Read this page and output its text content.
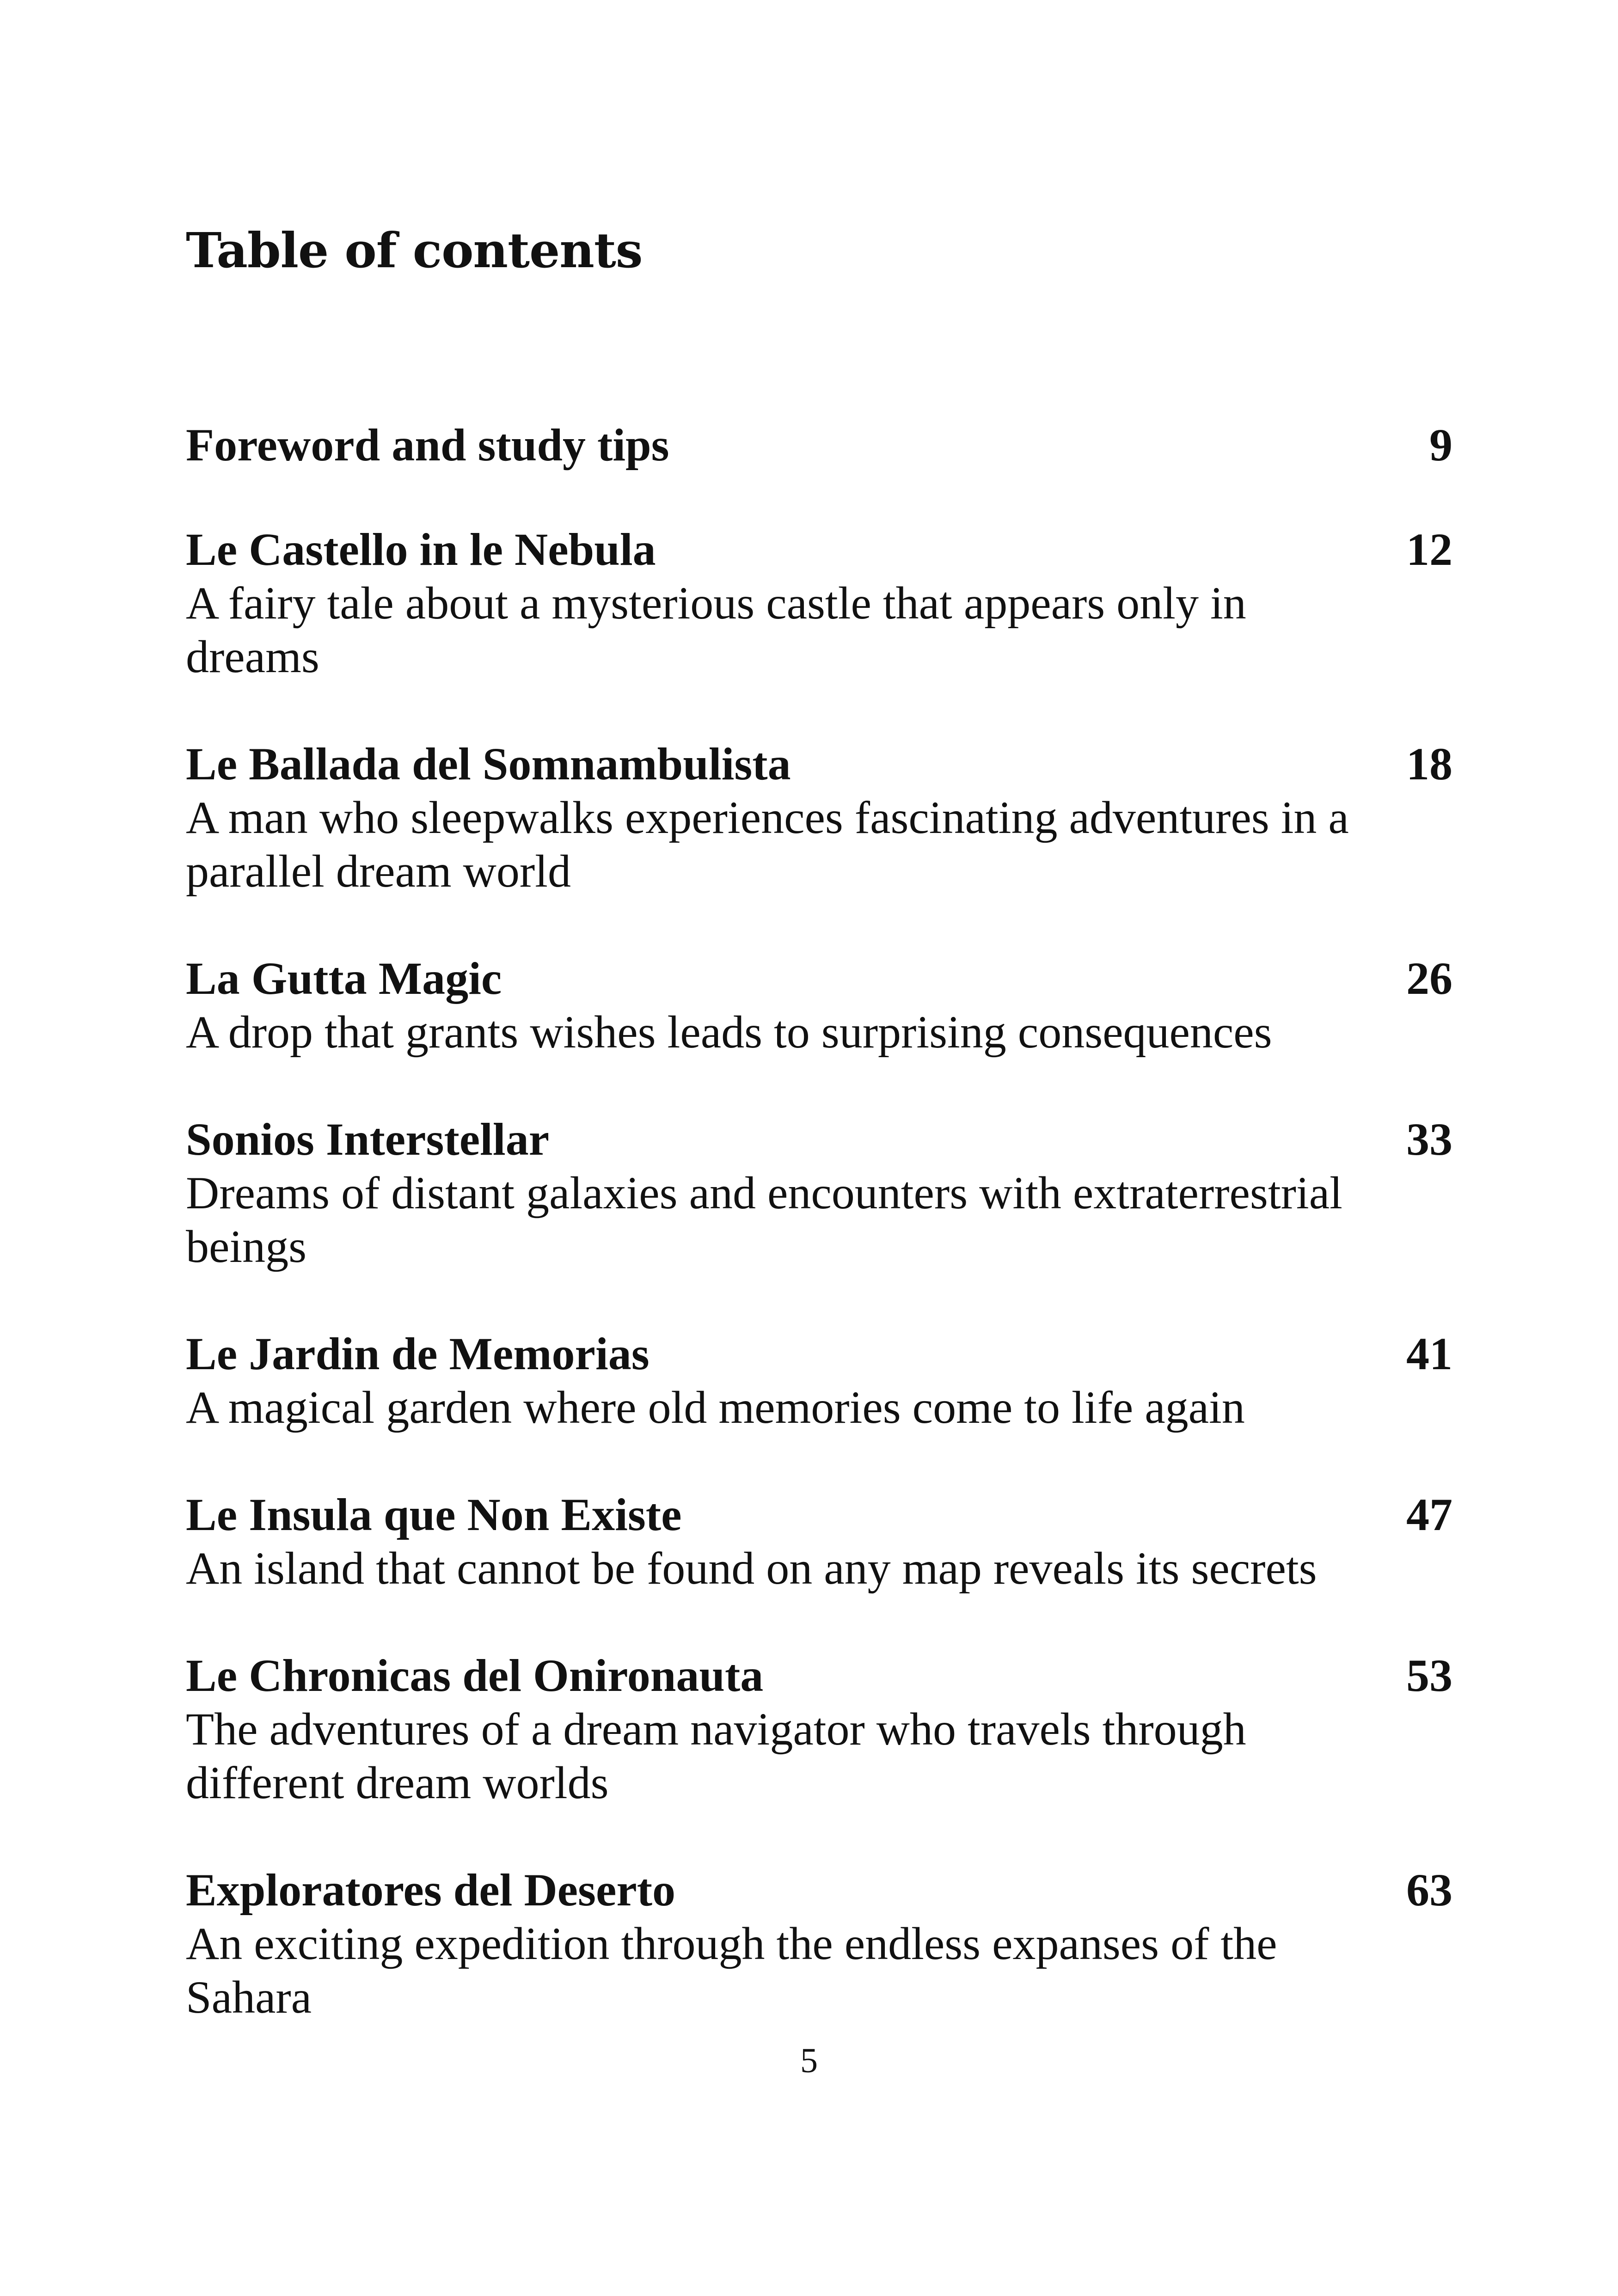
Table of contents
Foreword and study tips	9
Le Castello in le Nebula	12
A fairy tale about a mysterious castle that appears only in dreams
Le Ballada del Somnambulista	18
A man who sleepwalks experiences fascinating adventures in a parallel dream world
La Gutta Magic	26
A drop that grants wishes leads to surprising consequences
Sonios Interstellar	33
Dreams of distant galaxies and encounters with extraterrestrial beings
Le Jardin de Memorias	41
A magical garden where old memories come to life again
Le Insula que Non Existe	47
An island that cannot be found on any map reveals its secrets
Le Chronicas del Onironauta	53
The adventures of a dream navigator who travels through different dream worlds
Exploratores del Deserto	63
An exciting expedition through the endless expanses of the Sahara
5
